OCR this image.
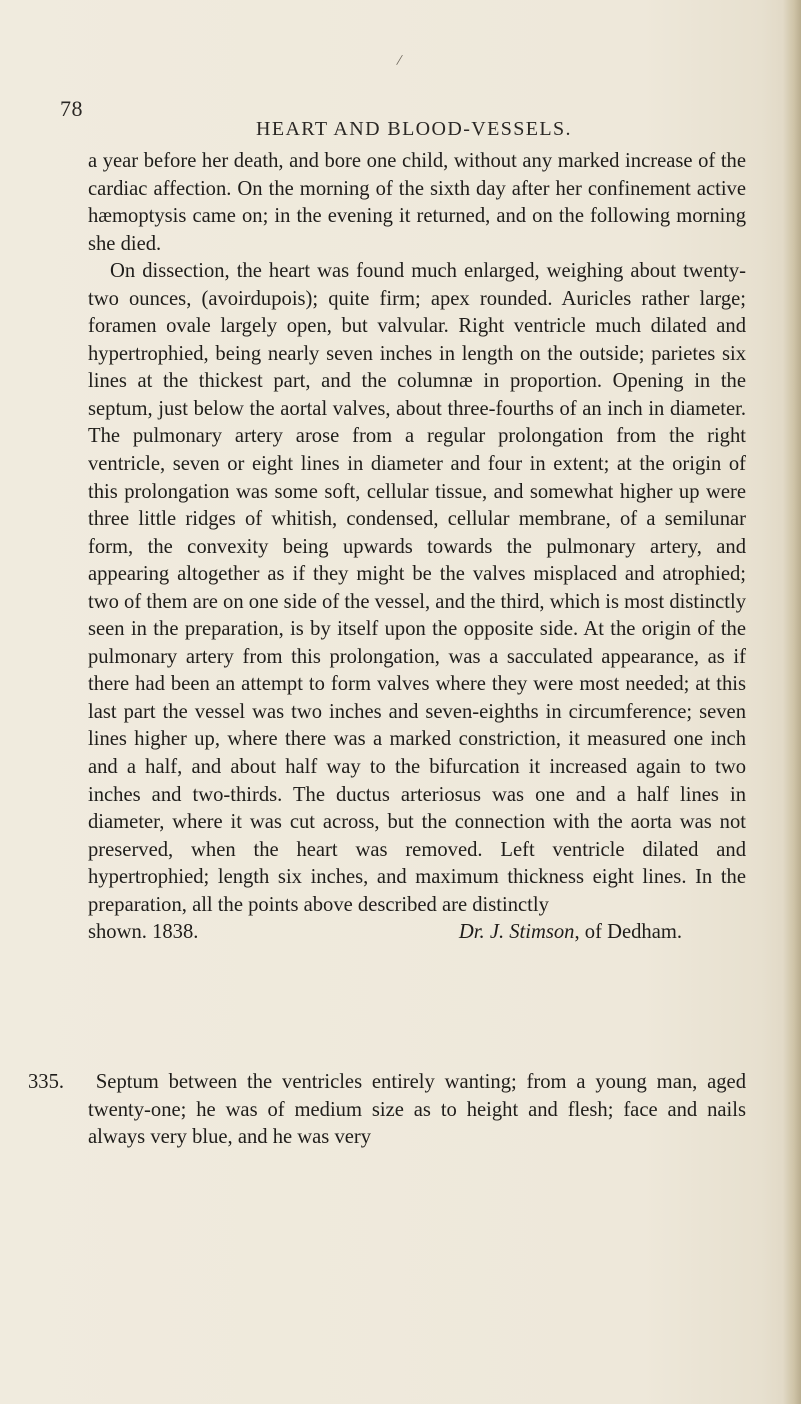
/
78
HEART AND BLOOD-VESSELS.

a year before her death, and bore one child, without any marked increase of the cardiac affection. On the morning of the sixth day after her confinement active hæmoptysis came on; in the evening it returned, and on the following morning she died.

On dissection, the heart was found much enlarged, weighing about twenty-two ounces, (avoirdupois); quite firm; apex rounded. Auricles rather large; foramen ovale largely open, but valvular. Right ventricle much dilated and hypertrophied, being nearly seven inches in length on the outside; parietes six lines at the thickest part, and the columnæ in proportion. Opening in the septum, just below the aortal valves, about three-fourths of an inch in diameter. The pulmonary artery arose from a regular prolongation from the right ventricle, seven or eight lines in diameter and four in extent; at the origin of this prolongation was some soft, cellular tissue, and somewhat higher up were three little ridges of whitish, condensed, cellular membrane, of a semilunar form, the convexity being upwards towards the pulmonary artery, and appearing altogether as if they might be the valves misplaced and atrophied; two of them are on one side of the vessel, and the third, which is most distinctly seen in the preparation, is by itself upon the opposite side. At the origin of the pulmonary artery from this prolongation, was a sacculated appearance, as if there had been an attempt to form valves where they were most needed; at this last part the vessel was two inches and seven-eighths in circumference; seven lines higher up, where there was a marked constriction, it measured one inch and a half, and about half way to the bifurcation it increased again to two inches and two-thirds. The ductus arteriosus was one and a half lines in diameter, where it was cut across, but the connection with the aorta was not preserved, when the heart was removed. Left ventricle dilated and hypertrophied; length six inches, and maximum thickness eight lines. In the preparation, all the points above described are distinctly

shown. 1838.	Dr. J. Stimson, of Dedham.

335. Septum between the ventricles entirely wanting; from a young man, aged twenty-one; he was of medium size as to height and flesh; face and nails always very blue, and he was very
